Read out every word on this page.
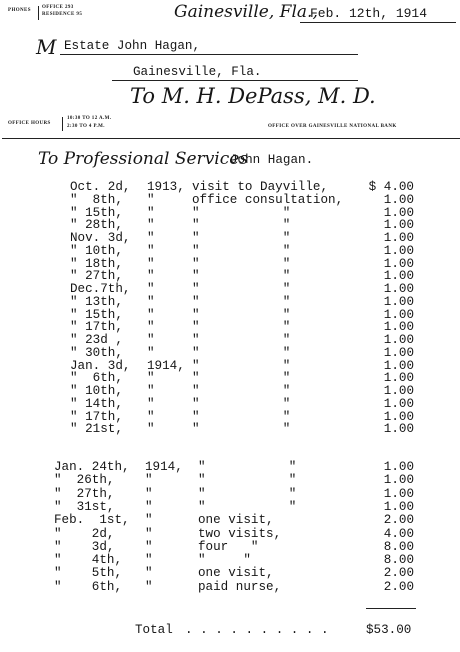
PHONES
OFFICE 293
RESIDENCE 95	Gainesville, Fla.,
Feb. 12th, 1914
M Estate John Hagan,
Gainesville, Fla.
To M. H. DePass, M. D.
OFFICE HOURS
10:30 TO 12 A.M.
2:30 TO 4 P.M.	OFFICE OVER GAINESVILLE NATIONAL BANK
To Professional Services
John Hagan.
Oct. 2d, 1913, visit to Dayville,	$ 4.00
"  8th, "	office consultation,	1.00
" 15th, "	"           "	1.00
" 28th, "	"           "	1.00
Nov. 3d, "	"           "	1.00
" 10th, "	"           "	1.00
" 18th, "	"           "	1.00
" 27th, "	"           "	1.00
Dec.7th, "	"           "	1.00
" 13th, "	"           "	1.00
" 15th, "	"           "	1.00
" 17th, "	"           "	1.00
" 23d , "	"           "	1.00
" 30th, "	"           "	1.00
Jan. 3d, 1914, "           "	1.00
"  6th, "	"           "	1.00
" 10th, "	"           "	1.00
" 14th, "	"           "	1.00
" 17th, "	"           "	1.00
" 21st, "	"           "	1.00
Jan. 24th, 1914, "           "	1.00
"  26th, "	"           "	1.00
"  27th, "	"           "	1.00
"  31st, "	"           "	1.00
Feb.  1st, "	one visit,	2.00
"    2d, "	two visits,	4.00
"    3d, "	four   "	8.00
"    4th, "	"     "	8.00
"    5th, "	one visit,	2.00
"    6th, "	paid nurse,	2.00
Total . . . . . . . . . .	$53.00
